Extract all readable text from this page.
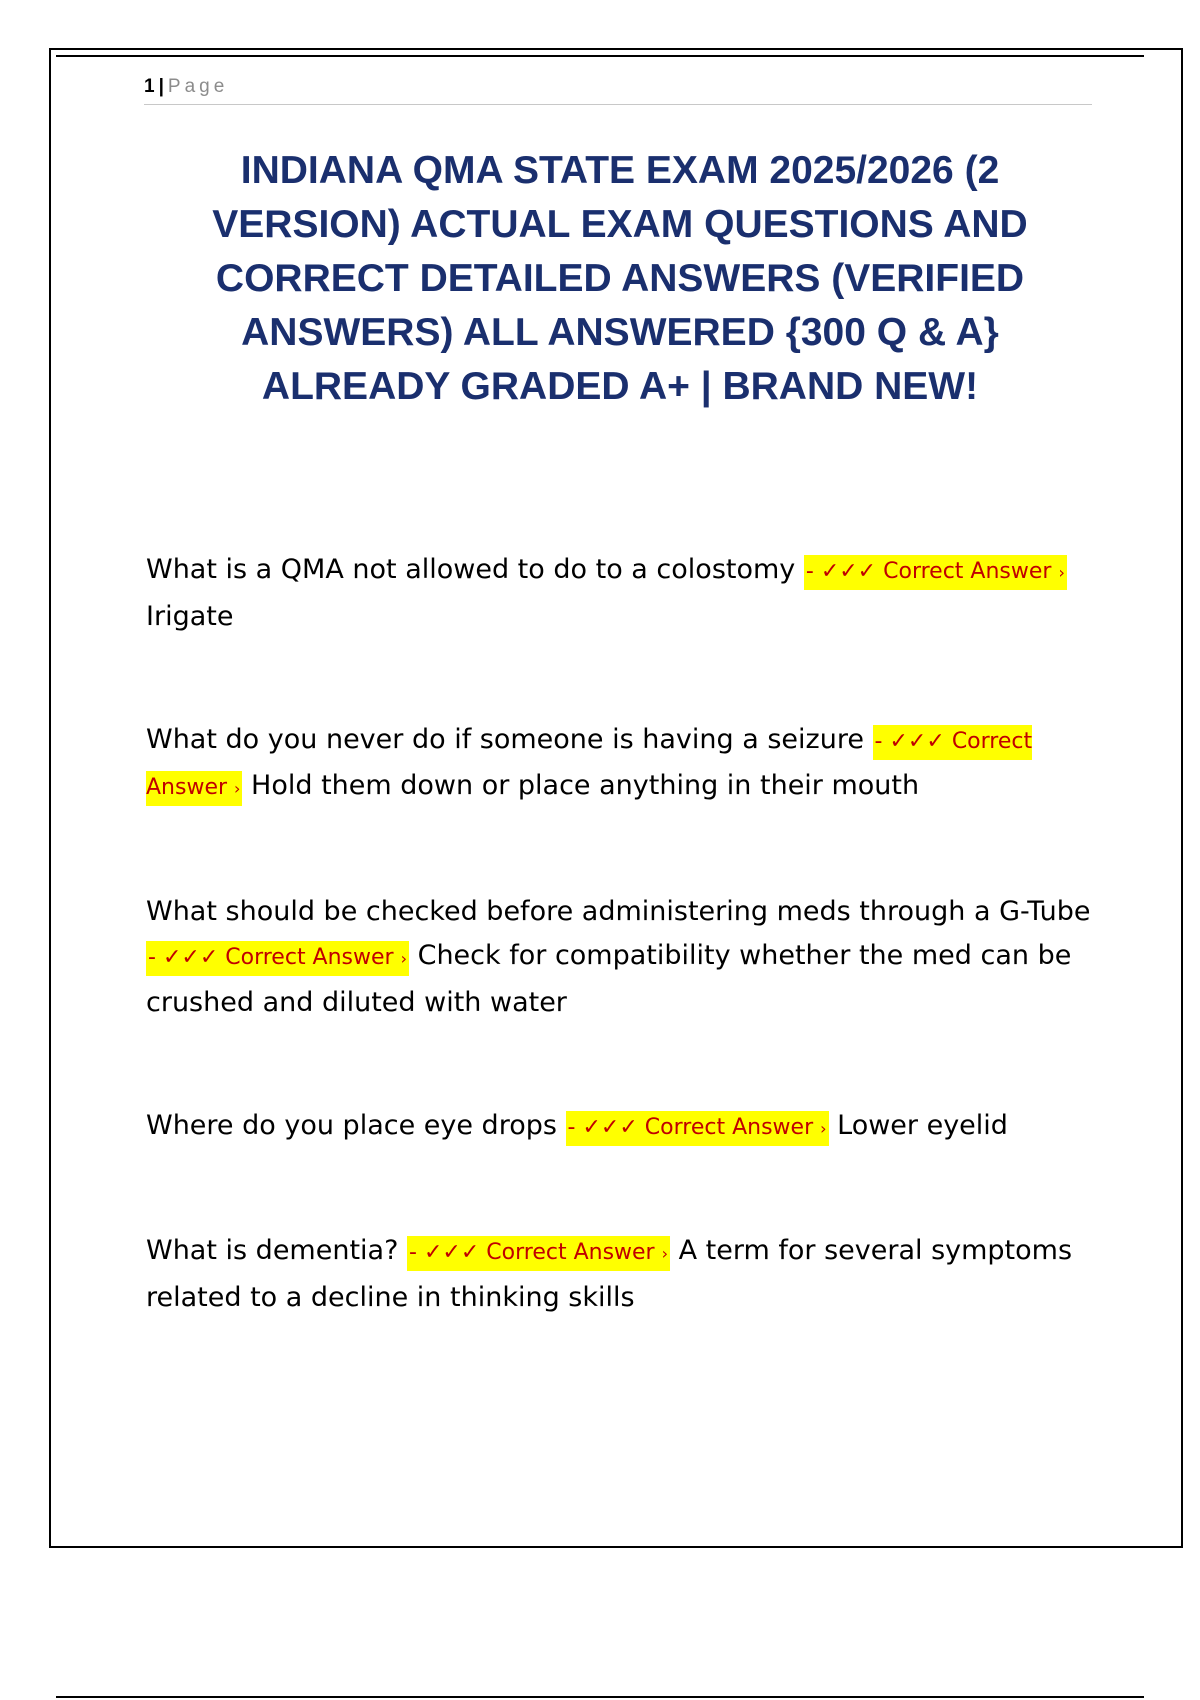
1 | Page
INDIANA QMA STATE EXAM 2025/2026 (2 VERSION) ACTUAL EXAM QUESTIONS AND CORRECT DETAILED ANSWERS (VERIFIED ANSWERS) ALL ANSWERED {300 Q & A} ALREADY GRADED A+ | BRAND NEW!
What is a QMA not allowed to do to a colostomy - ✓✓✓ Correct Answer › Irigate
What do you never do if someone is having a seizure - ✓✓✓ Correct Answer › Hold them down or place anything in their mouth
What should be checked before administering meds through a G-Tube - ✓✓✓ Correct Answer › Check for compatibility whether the med can be crushed and diluted with water
Where do you place eye drops - ✓✓✓ Correct Answer › Lower eyelid
What is dementia? - ✓✓✓ Correct Answer › A term for several symptoms related to a decline in thinking skills
